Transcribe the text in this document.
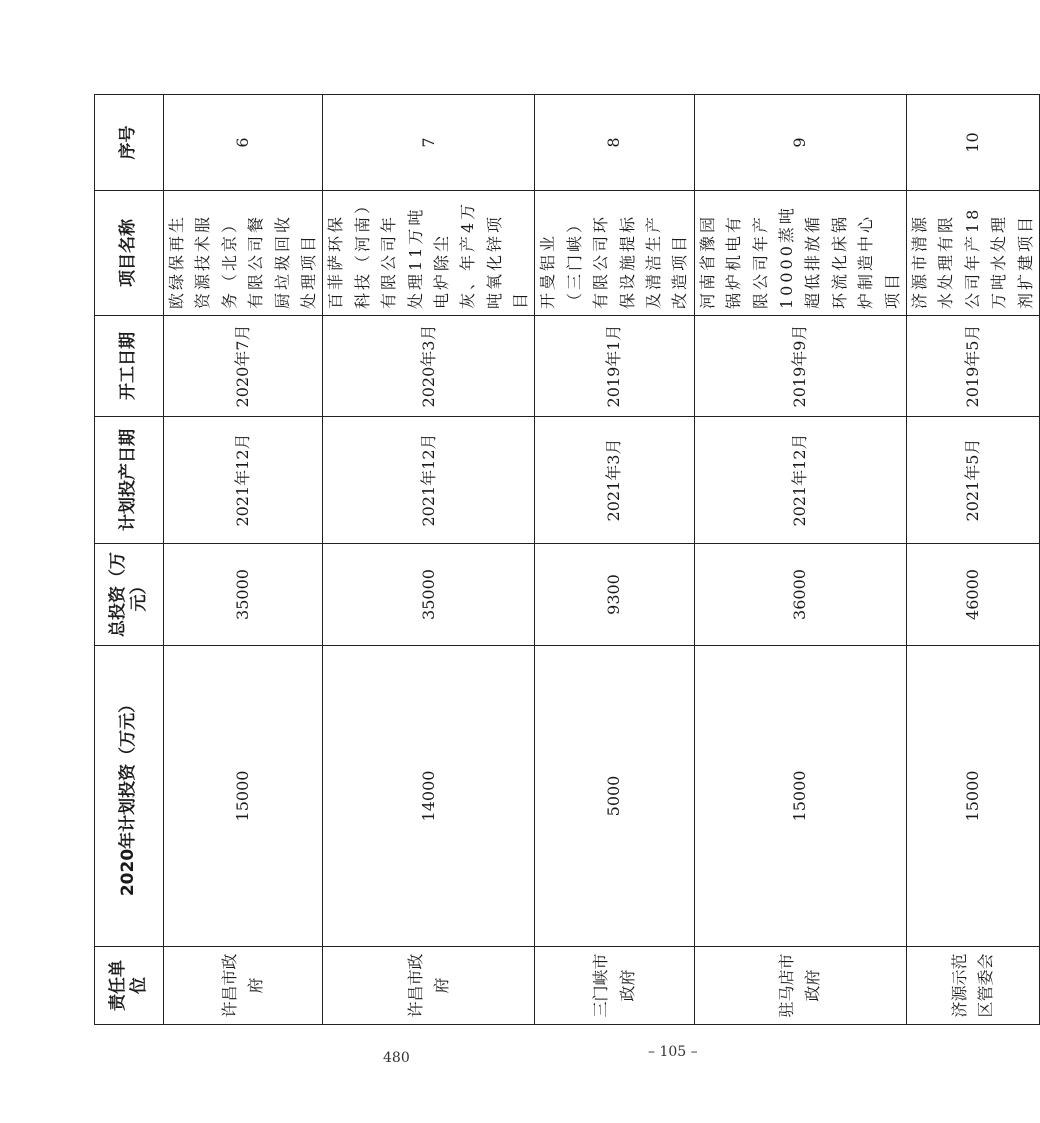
责任单位	2020年计划投资（万元）	总投资（万元）	计划投产日期	开工日期	项目名称	序号
许昌市政府	15000	35000	2021年12月	2020年7月	欧绿保再生资源技术服务（北京）有限公司餐厨垃圾回收处理项目	6
许昌市政府	14000	35000	2021年12月	2020年3月	百菲萨环保科技（河南）有限公司年处理11万吨电炉除尘灰、年产4万吨氧化锌项目	7
三门峡市政府	5000	9300	2021年3月	2019年1月	开曼铝业（三门峡）有限公司环保设施提标及清洁生产改造项目	8
驻马店市政府	15000	36000	2021年12月	2019年9月	河南省豫园锅炉机电有限公司年产10000蒸吨超低排放循环流化床锅炉制造中心项目	9
济源示范区管委会	15000	46000	2021年5月	2019年5月	济源市清源水处理有限公司年产18万吨水处理剂扩建项目	10
480	– 105 –
